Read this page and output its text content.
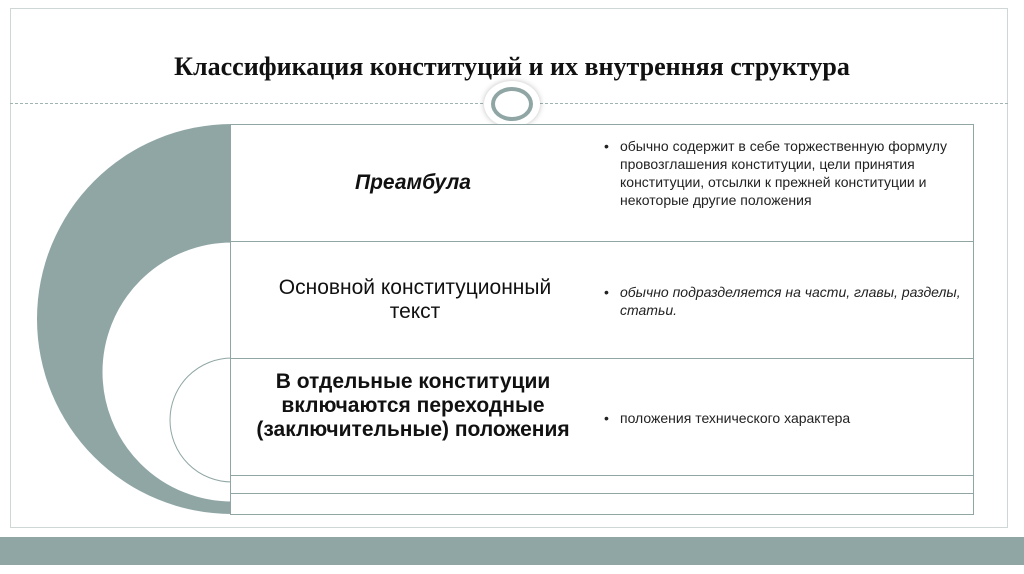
Классификация конституций и их внутренняя структура
Преамбула
Основной конституционный текст
В отдельные конституции включаются переходные (заключительные) положения
• обычно содержит в себе торжественную формулу провозглашения конституции, цели принятия конституции, отсылки к прежней конституции и некоторые другие положения
• обычно подразделяется на части, главы, разделы, статьи.
• положения технического характера
